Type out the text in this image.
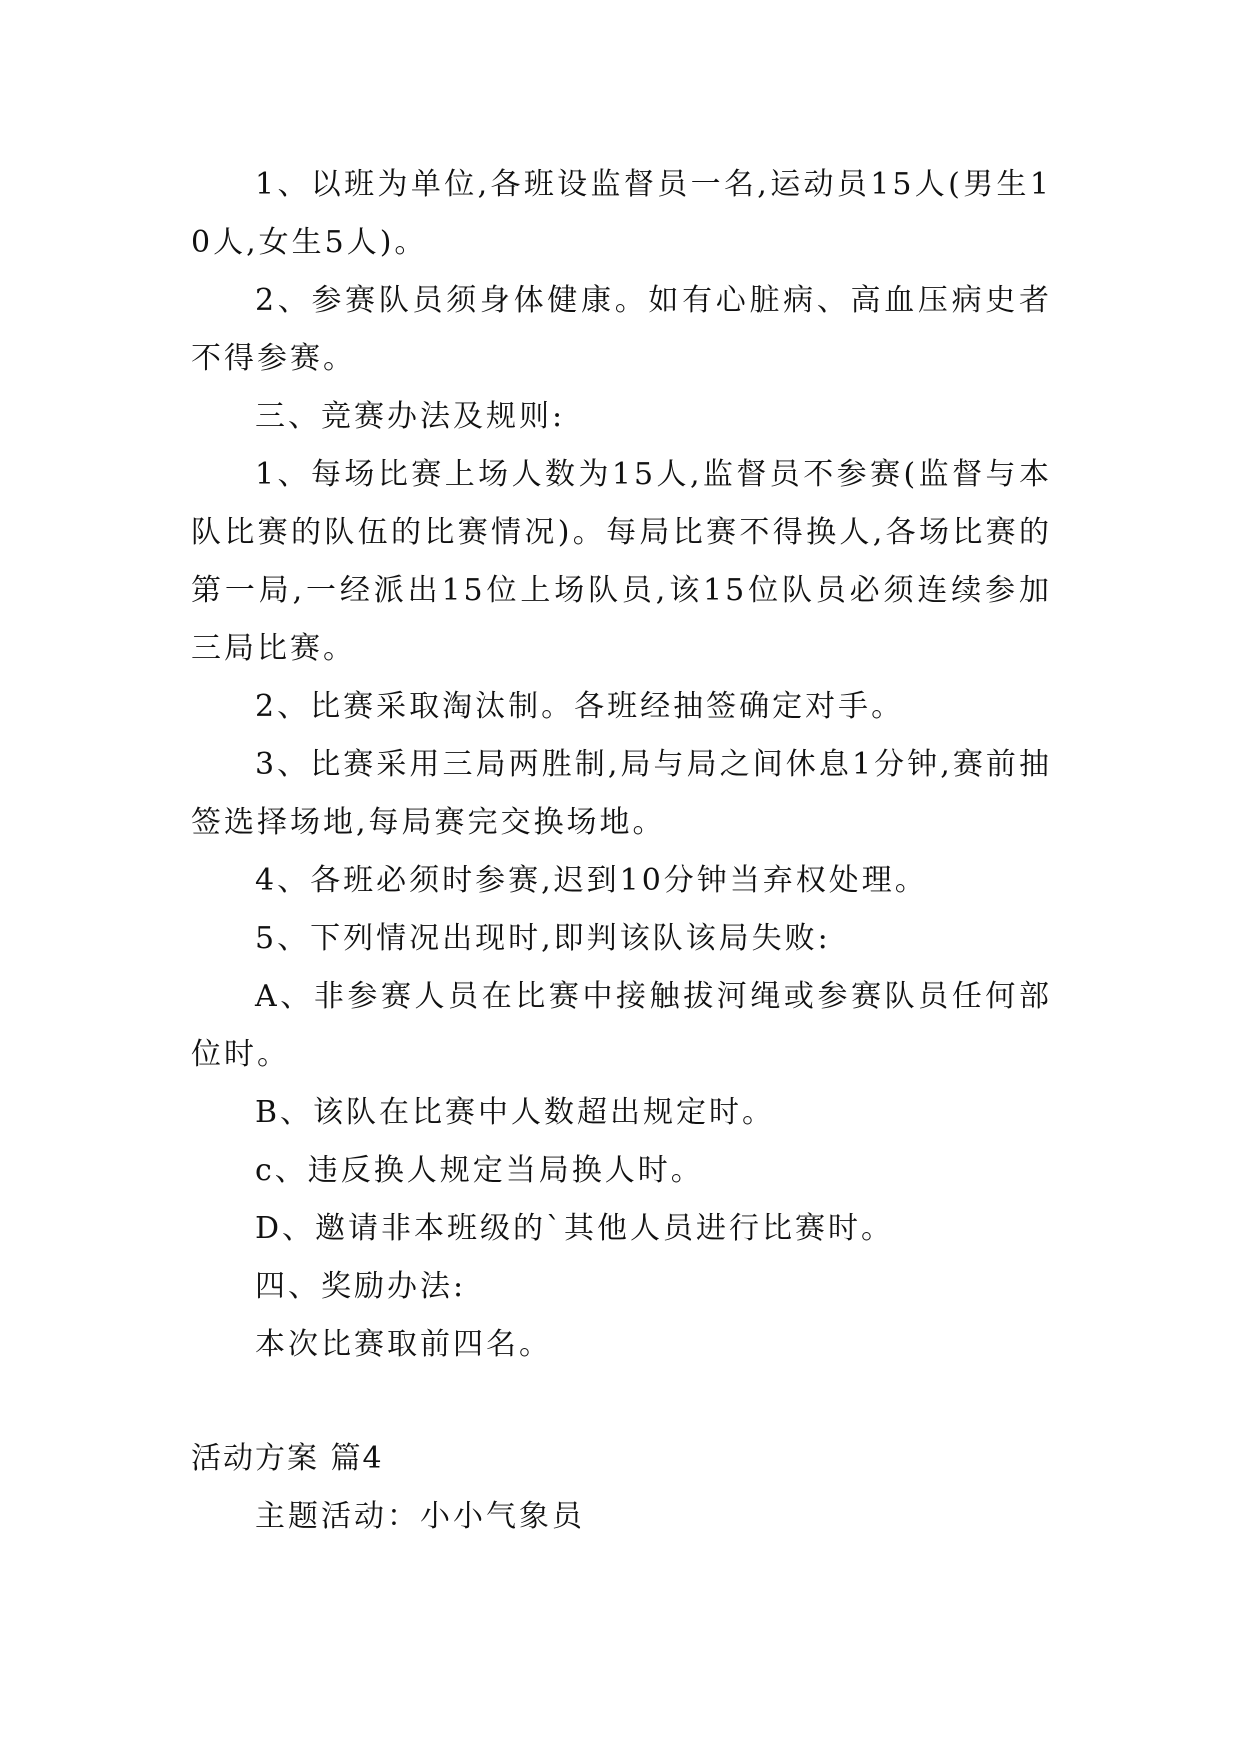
1、以班为单位,各班设监督员一名,运动员15人(男生10人,女生5人)。

2、参赛队员须身体健康。如有心脏病、高血压病史者不得参赛。

三、竞赛办法及规则:

1、每场比赛上场人数为15人,监督员不参赛(监督与本队比赛的队伍的比赛情况)。每局比赛不得换人,各场比赛的第一局,一经派出15位上场队员,该15位队员必须连续参加三局比赛。

2、比赛采取淘汰制。各班经抽签确定对手。

3、比赛采用三局两胜制,局与局之间休息1分钟,赛前抽签选择场地,每局赛完交换场地。

4、各班必须时参赛,迟到10分钟当弃权处理。

5、下列情况出现时,即判该队该局失败:

A、非参赛人员在比赛中接触拔河绳或参赛队员任何部位时。

B、该队在比赛中人数超出规定时。

c、违反换人规定当局换人时。

D、邀请非本班级的`其他人员进行比赛时。

四、奖励办法:

本次比赛取前四名。

活动方案 篇4

主题活动：小小气象员
